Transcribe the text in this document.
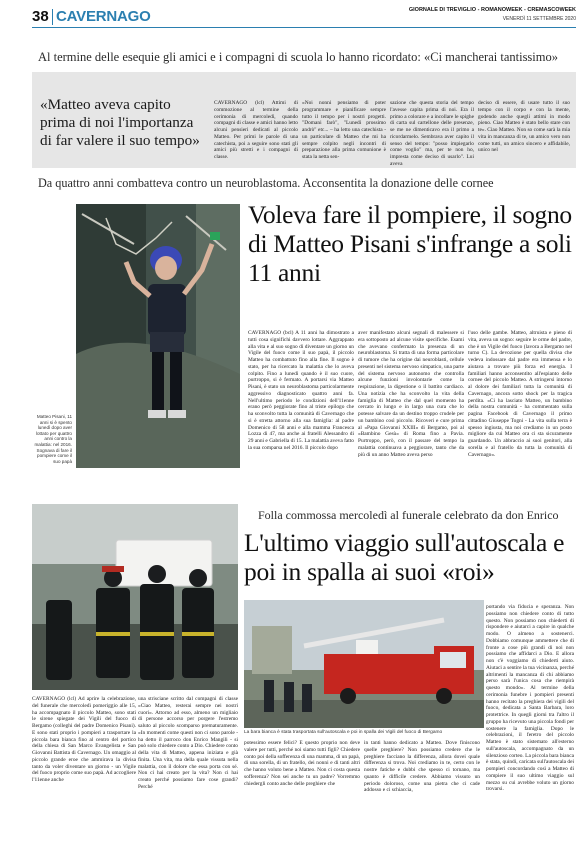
38 CAVERNAGO	GIORNALE DI TREVIGLIO - ROMANOWEEK - CREMASCOWEEK
VENERDÌ 11 SETTEMBRE 2020
Al termine delle esequie gli amici e i compagni di scuola lo hanno ricordato: «Ci mancherai tantissimo»
«Matteo aveva capito prima di noi l'importanza di far valere il suo tempo»
CAVERNAGO (lcl) Attimi di commozione al termine della cerimonia di mercoledì, quando compagni di classe e amici hanno letto alcuni pensieri dedicati al piccolo Matteo. Per primi le parole di una catechista, poi a seguire sono stati gli amici più stretti e i compagni di classe.
«Noi nonni pensiamo di poter programmare e pianificare sempre tutto il tempo per i nostri progetti. "Domani farò", "Lunedì prossimo andrò" etc... – ha letto una catechista - un particolare di Matteo che mi ha sempre colpito negli incontri di preparazione alla prima comunione è stata la netta sen-
sazione che questa storia del tempo l'avesse capita prima di noi. Era il primo a colorare e a incollare le spighe di carta sul cartellone delle presenze, se me ne dimenticavo era il primo a ricordarmelo. Sembrava aver capito il senso del tempo: "posso impiegarlo come voglio" ma, per te non ho, impresta come deciso di usarlo". Lui aveva
deciso di essere, di usare tutto il suo tempo con il corpo e con la mente, godendo anche quegli attimi in modo pieno. Ciao Matteo è stato bello stare con te». Ciao Matteo. Non so come sarà la mia vita in mancanza di te, un amico vero non come tutti, un amico sincero e affidabile, unico nel
Da quattro anni combatteva contro un neuroblastoma. Acconsentita la donazione delle cornee
Matteo Pisani, 11 anni si è spento lunedì dopo aver lottato per quattro anni contro la malattia: nel 2016. Sognava di fare il pompiere come il suo papà
Voleva fare il pompiere, il sogno di Matteo Pisani s'infrange a soli 11 anni
CAVERNAGO (bcl) A 11 anni ha dimostrato a tutti cosa significhi davvero lottare. Aggrappato alla vita e al suo sogno di diventare un giorno un Vigile del fuoco come il suo papà, il piccolo Matteo ha combattuto fino alla fine. Il sogno è stato, per ha ricercato la malattia che lo aveva colpito. Fino a lunedì quando è il suo cuore, purtroppo, si è fermato. A portarsi via Matteo Pisani, è stato un neuroblastoma particolarmente aggressivo diagnosticato quattro anni fa. Nell'ultimo periodo le condizioni dell'11enne erano però peggiorate fino al triste epilogo che ha sconvolto tutta la comunità di Cavernago che si è stretta attorno alla sua famiglia: al padre Domenico di 58 anni e alla mamma Francesca Lozza di 47, ma anche ai fratelli Alessandro di 29 anni e Gabriella di 15. La malattia aveva fatto la sua comparsa nel 2016. Il piccolo dopo
aver manifestato alcuni segnali di malessere si era sottoposto ad alcune visite specifiche. Esami che avevano confermato la presenza di un neuroblastoma. Si tratta di una forma particolare di tumore che ha origine dai neuroblasti, cellule presenti nel sistema nervoso simpatico, una parte del sistema nervoso autonomo che controlla alcune funzioni involontarie come la respirazione, la digestione o il battito cardiaco. Una notizia che ha sconvolto la vita della famiglia di Matteo che dal quel momento ha cercato in lungo e in largo una cura che lo potesse salvare da un destino troppo crudele per un bambino così piccolo. Ricoveri e cure prima al «Papa Giovanni XXIII» di Bergamo, poi al «Bambino Gesù» di Roma fino a Pavia. Purtroppo, però, con il passare del tempo la malattia continuava a peggiorare, tanto che da più di un anno Matteo aveva perso
l'uso delle gambe. Matteo, altruista e pieno di vita, aveva un sogno: seguire le orme del padre, che è un Vigile del fuoco (lavora a Bergamo nel turno C). La devozione per quella divisa che vedeva indossare dal padre era immensa e lo aiutava a trovare più forza ed energia. I familiari hanno acconsentito all'espianto delle cornee del piccolo Matteo. A stringersi intorno al dolore dei familiari tutta la comunità di Cavernago, ancora sotto shock per la tragica perdita. «Ci ha lasciato Matteo, un bambino della nostra comunità - ha commentato sulla pagina Facebook di Cavernago il primo cittadino Giuseppe Togni - La vita sulla terra è spesso ingiusta, ma noi crediamo in un posto migliore da cui Matteo ora ci sta sicuramente guardando. Un abbraccio ai suoi genitori, alla sorella e al fratello da tutta la comunità di Cavernago».
Folla commossa mercoledì al funerale celebrato da don Enrico
L'ultimo viaggio sull'autoscala e poi in spalla ai suoi «roi»
La bara bianca è stata trasportata sull'autoscala e poi in spalla dei Vigili del fuoco di Bergamo
CAVERNAGO (lcl) Ad aprire la celebrazione, del funerale che mercoledì pomeriggio alle 15, ha accompagnato il piccolo Matteo, sono stati le sirene spiegate dei Vigili del fuoco di Bergamo (colleghi del padre Domenico Pisani). E sono stati proprio i pompieri a trasportare la piccola bara bianca fino al centro del portico della chiesa di San Marco Evangelista e San Giovanni Battista di Cavernago. Un omaggio al piccolo grande eroe che ammirava la divisa tanto da voler diventare un giorno - un Vigile del fuoco proprio come suo papà. Ad accogliere l'11enne anche
una strisciane scritto dal compagni di classe «Ciao Matteo, resterai sempre nei nostri cuori». Attorno ad esso, almeno un migliaio di persone accorso per porgere l'estremo saluto al piccolo scomparso prematuramente. «In momenti come questi non ci sono parole - ha detto il parroco don Enrico Mangili - si può solo chiedere conto a Dio. Chiedere conto della vita di Matteo, appena iniziata e già finita. Una vita, ma della quale vissuta nella malattia, con il dolore che essa porta con sé. Non ci hai creato per la vita? Non ci hai creato perché possiamo fare cose grandi? Perché
potessimo essere felici? E questo proprio non deve valere per tutti, perché noi siamo tutti figli? Chiedere conto poi della sofferenza di una mamma, di un papà, di una sorella, di un fratello, dei nonni e di tanti altri che hanno voluto bene a Matteo. Non ci costa questa sofferenza? Non sei anche tu un padre? Vorremmo chiedergli conto anche delle preghiere che
in tanti hanno dedicato a Matteo. Dove finiscono quelle preghiere? Non possiamo credere che le preghiere facciano la differenza, allora dovei quale differenza si trova. Noi crediamo in te, certo con le nostre fatiche e dubbi che spesso ci tornano, ma quanto è difficile credere. Abbiamo vissuto un periodo doloroso, come una pietra che ci cade addosso e ci schiaccia,
portando via fiducia e speranza. Non possiamo non chiedere conto di tutto questo. Non possiamo non chiederti di rispondere e aiutarci a capire in qualche modo. O almeno a sostenerci. Dobbiamo comunque ammettere che di fronte a cose più grandi di noi non possiamo che affidarci a Dio. E allora non c'è voggiamo di chiederti aiuto. Aiutaci a sentire la tua vicinanza, perché altrimenti la mancanza di chi abbiamo perso sarà l'unica cosa che riempirà questo mondo». Al termine della cerimonia funebre i pompieri presenti hanno recitato la preghiera dei vigili del fuoco, dedicata a Santa Barbara, loro protettrice. In quegli giorni tra l'altro il gruppo ha ricevuto una piccola fondi per sostenere la famiglia. Dopo le celebrazioni, il feretro del piccolo Matteo è stato sistemato all'esterno sull'autoscala, accompagnato da un silenzioso corteo. La piccola bara bianca è stata, quindi, caricata sull'autoscala dei pompieri concordando così a Matteo di compiere il suo ultimo viaggio sul mezzo su cui avrebbe voluto un giorno trovarsi.
